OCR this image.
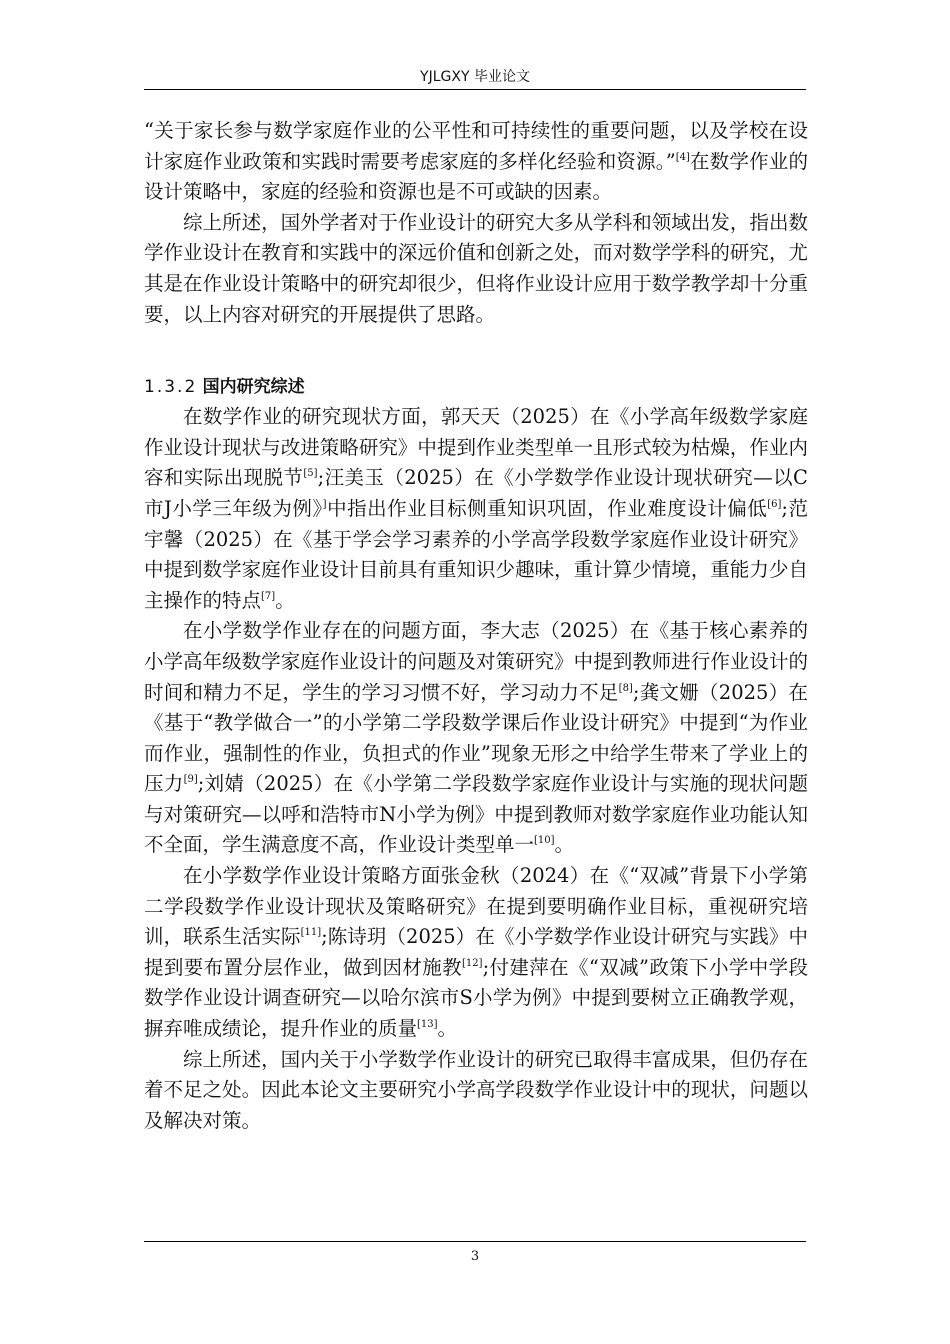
YJLGXY 毕业论文

“关于家长参与数学家庭作业的公平性和可持续性的重要问题，以及学校在设计家庭作业政策和实践时需要考虑家庭的多样化经验和资源。”[4]在数学作业的设计策略中，家庭的经验和资源也是不可或缺的因素。

综上所述，国外学者对于作业设计的研究大多从学科和领域出发，指出数学作业设计在教育和实践中的深远价值和创新之处，而对数学学科的研究，尤其是在作业设计策略中的研究却很少，但将作业设计应用于数学教学却十分重要，以上内容对研究的开展提供了思路。

1.3.2 国内研究综述

在数学作业的研究现状方面，郭天天（2025）在《小学高年级数学家庭作业设计现状与改进策略研究》中提到作业类型单一且形式较为枯燥，作业内容和实际出现脱节[5];汪美玉（2025）在《小学数学作业设计现状研究—以C市J小学三年级为例》]中指出作业目标侧重知识巩固，作业难度设计偏低[6];范宇馨（2025）在《基于学会学习素养的小学高学段数学家庭作业设计研究》中提到数学家庭作业设计目前具有重知识少趣味，重计算少情境，重能力少自主操作的特点[7]。

在小学数学作业存在的问题方面，李大志（2025）在《基于核心素养的小学高年级数学家庭作业设计的问题及对策研究》中提到教师进行作业设计的时间和精力不足，学生的学习习惯不好，学习动力不足[8];龚文姗（2025）在《基于“教学做合一”的小学第二学段数学课后作业设计研究》中提到“为作业而作业，强制性的作业，负担式的作业”现象无形之中给学生带来了学业上的压力[9];刘婧（2025）在《小学第二学段数学家庭作业设计与实施的现状问题与对策研究—以呼和浩特市N小学为例》中提到教师对数学家庭作业功能认知不全面，学生满意度不高，作业设计类型单一[10]。

在小学数学作业设计策略方面张金秋（2024）在《“双减”背景下小学第二学段数学作业设计现状及策略研究》在提到要明确作业目标，重视研究培训，联系生活实际[11];陈诗玥（2025）在《小学数学作业设计研究与实践》中提到要布置分层作业，做到因材施教[12];付建萍在《“双减”政策下小学中学段数学作业设计调查研究—以哈尔滨市S小学为例》中提到要树立正确教学观，摒弃唯成绩论，提升作业的质量[13]。

综上所述，国内关于小学数学作业设计的研究已取得丰富成果，但仍存在着不足之处。因此本论文主要研究小学高学段数学作业设计中的现状，问题以及解决对策。

3
